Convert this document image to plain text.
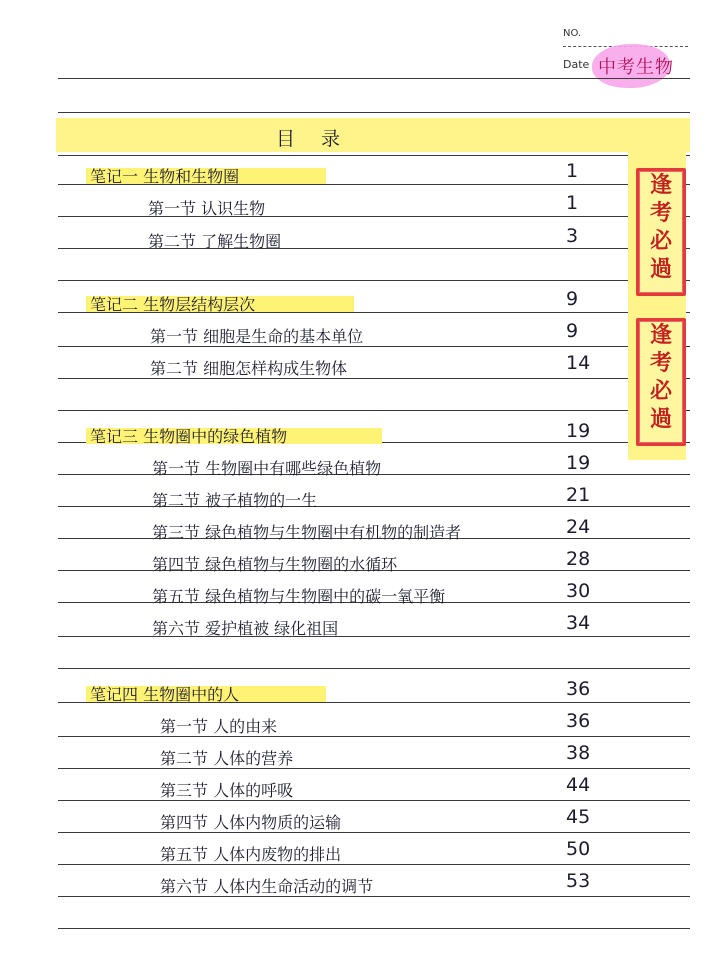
NO.
Date 中考生物
目 录
逢
考
必
過
逢
考
必
過
笔记一 生物和生物圈	1
第一节 认识生物	1
第二节 了解生物圈	3
笔记二 生物层结构层次	9
第一节 细胞是生命的基本单位	9
第二节 细胞怎样构成生物体	14
笔记三 生物圈中的绿色植物	19
第一节 生物圈中有哪些绿色植物	19
第二节 被子植物的一生	21
第三节 绿色植物与生物圈中有机物的制造者	24
第四节 绿色植物与生物圈的水循环	28
第五节 绿色植物与生物圈中的碳一氧平衡	30
第六节 爱护植被 绿化祖国	34
笔记四 生物圈中的人	36
第一节 人的由来	36
第二节 人体的营养	38
第三节 人体的呼吸	44
第四节 人体内物质的运输	45
第五节 人体内废物的排出	50
第六节 人体内生命活动的调节	53
